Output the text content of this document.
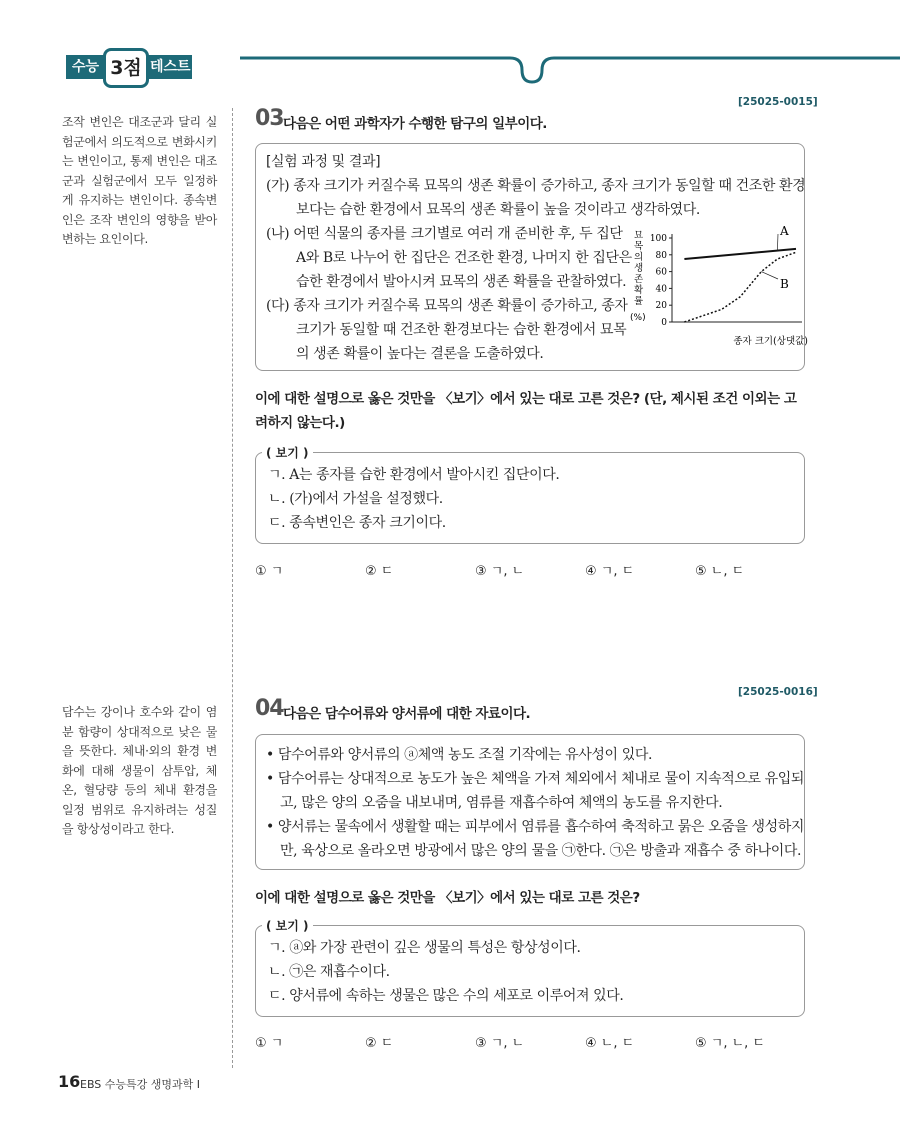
수능 3점 테스트
조작 변인은 대조군과 달리 실험군에서 의도적으로 변화시키는 변인이고, 통제 변인은 대조군과 실험군에서 모두 일정하게 유지하는 변인이다. 종속변인은 조작 변인의 영향을 받아 변하는 요인이다.
[25025-0015]
03 다음은 어떤 과학자가 수행한 탐구의 일부이다.
[실험 과정 및 결과]
(가) 종자 크기가 커질수록 묘목의 생존 확률이 증가하고, 종자 크기가 동일할 때 건조한 환경
보다는 습한 환경에서 묘목의 생존 확률이 높을 것이라고 생각하였다.
(나) 어떤 식물의 종자를 크기별로 여러 개 준비한 후, 두 집단
A와 B로 나누어 한 집단은 건조한 환경, 나머지 한 집단은
습한 환경에서 발아시켜 묘목의 생존 확률을 관찰하였다.
(다) 종자 크기가 커질수록 묘목의 생존 확률이 증가하고, 종자
크기가 동일할 때 건조한 환경보다는 습한 환경에서 묘목
의 생존 확률이 높다는 결론을 도출하였다.
0
20
40
60
80
100
묘
목
의
생
존
확
률
(%)
종자 크기(상댓값)
A
B
이에 대한 설명으로 옳은 것만을 〈보기〉에서 있는 대로 고른 것은? (단, 제시된 조건 이외는 고려하지 않는다.)
( 보기 )
ㄱ. A는 종자를 습한 환경에서 발아시킨 집단이다.
ㄴ. (가)에서 가설을 설정했다.
ㄷ. 종속변인은 종자 크기이다.
① ㄱ	② ㄷ	③ ㄱ, ㄴ	④ ㄱ, ㄷ	⑤ ㄴ, ㄷ
담수는 강이나 호수와 같이 염분 함량이 상대적으로 낮은 물을 뜻한다. 체내·외의 환경 변화에 대해 생물이 삼투압, 체온, 혈당량 등의 체내 환경을 일정 범위로 유지하려는 성질을 항상성이라고 한다.
[25025-0016]
04 다음은 담수어류와 양서류에 대한 자료이다.
• 담수어류와 양서류의 ⓐ체액 농도 조절 기작에는 유사성이 있다.
• 담수어류는 상대적으로 농도가 높은 체액을 가져 체외에서 체내로 물이 지속적으로 유입되
고, 많은 양의 오줌을 내보내며, 염류를 재흡수하여 체액의 농도를 유지한다.
• 양서류는 물속에서 생활할 때는 피부에서 염류를 흡수하여 축적하고 묽은 오줌을 생성하지
만, 육상으로 올라오면 방광에서 많은 양의 물을 ㉠한다. ㉠은 방출과 재흡수 중 하나이다.
이에 대한 설명으로 옳은 것만을 〈보기〉에서 있는 대로 고른 것은?
( 보기 )
ㄱ. ⓐ와 가장 관련이 깊은 생물의 특성은 항상성이다.
ㄴ. ㉠은 재흡수이다.
ㄷ. 양서류에 속하는 생물은 많은 수의 세포로 이루어져 있다.
① ㄱ	② ㄷ	③ ㄱ, ㄴ	④ ㄴ, ㄷ	⑤ ㄱ, ㄴ, ㄷ
16 EBS 수능특강 생명과학 Ⅰ
